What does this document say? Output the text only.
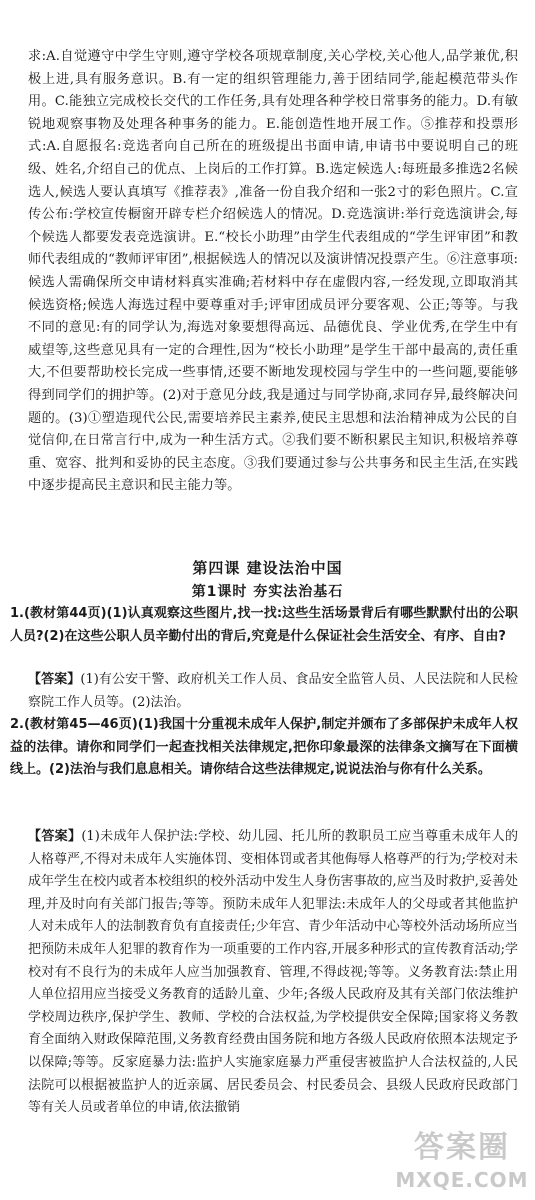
求:A.自觉遵守中学生守则,遵守学校各项规章制度,关心学校,关心他人,品学兼优,积极上进,具有服务意识。B.有一定的组织管理能力,善于团结同学,能起模范带头作用。C.能独立完成校长交代的工作任务,具有处理各种学校日常事务的能力。D.有敏锐地观察事物及处理各种事务的能力。E.能创造性地开展工作。⑤推荐和投票形式:A.自愿报名:竞选者向自己所在的班级提出书面申请,申请书中要说明自己的班级、姓名,介绍自己的优点、上岗后的工作打算。B.选定候选人:每班最多推选2名候选人,候选人要认真填写《推荐表》,准备一份自我介绍和一张2寸的彩色照片。C.宣传公布:学校宣传橱窗开辟专栏介绍候选人的情况。D.竞选演讲:举行竞选演讲会,每个候选人都要发表竞选演讲。E.“校长小助理”由学生代表组成的“学生评审团”和教师代表组成的“教师评审团”,根据候选人的情况以及演讲情况投票产生。⑥注意事项:候选人需确保所交申请材料真实准确;若材料中存在虚假内容,一经发现,立即取消其候选资格;候选人海选过程中要尊重对手;评审团成员评分要客观、公正;等等。与我不同的意见:有的同学认为,海选对象要想得高远、品德优良、学业优秀,在学生中有威望等,这些意见具有一定的合理性,因为“校长小助理”是学生干部中最高的,责任重大,不但要帮助校长完成一些事情,还要不断地发现校园与学生中的一些问题,要能够得到同学们的拥护等。(2)对于意见分歧,我是通过与同学协商,求同存异,最终解决问题的。(3)①塑造现代公民,需要培养民主素养,使民主思想和法治精神成为公民的自觉信仰,在日常言行中,成为一种生活方式。②我们要不断积累民主知识,积极培养尊重、宽容、批判和妥协的民主态度。③我们要通过参与公共事务和民主生活,在实践中逐步提高民主意识和民主能力等。
第四课 建设法治中国
第1课时 夯实法治基石
1.(教材第44页)(1)认真观察这些图片,找一找:这些生活场景背后有哪些默默付出的公职人员?(2)在这些公职人员辛勤付出的背后,究竟是什么保证社会生活安全、有序、自由?
【答案】(1)有公安干警、政府机关工作人员、食品安全监管人员、人民法院和人民检察院工作人员等。(2)法治。
2.(教材第45—46页)(1)我国十分重视未成年人保护,制定并颁布了多部保护未成年人权益的法律。请你和同学们一起查找相关法律规定,把你印象最深的法律条文摘写在下面横线上。(2)法治与我们息息相关。请你结合这些法律规定,说说法治与你有什么关系。
【答案】(1)未成年人保护法:学校、幼儿园、托儿所的教职员工应当尊重未成年人的人格尊严,不得对未成年人实施体罚、变相体罚或者其他侮辱人格尊严的行为;学校对未成年学生在校内或者本校组织的校外活动中发生人身伤害事故的,应当及时救护,妥善处理,并及时向有关部门报告;等等。预防未成年人犯罪法:未成年人的父母或者其他监护人对未成年人的法制教育负有直接责任;少年宫、青少年活动中心等校外活动场所应当把预防未成年人犯罪的教育作为一项重要的工作内容,开展多种形式的宣传教育活动;学校对有不良行为的未成年人应当加强教育、管理,不得歧视;等等。义务教育法:禁止用人单位招用应当接受义务教育的适龄儿童、少年;各级人民政府及其有关部门依法维护学校周边秩序,保护学生、教师、学校的合法权益,为学校提供安全保障;国家将义务教育全面纳入财政保障范围,义务教育经费由国务院和地方各级人民政府依照本法规定予以保障;等等。反家庭暴力法:监护人实施家庭暴力严重侵害被监护人合法权益的,人民法院可以根据被监护人的近亲属、居民委员会、村民委员会、县级人民政府民政部门等有关人员或者单位的申请,依法撤销
答案圈
MXQE.COM
